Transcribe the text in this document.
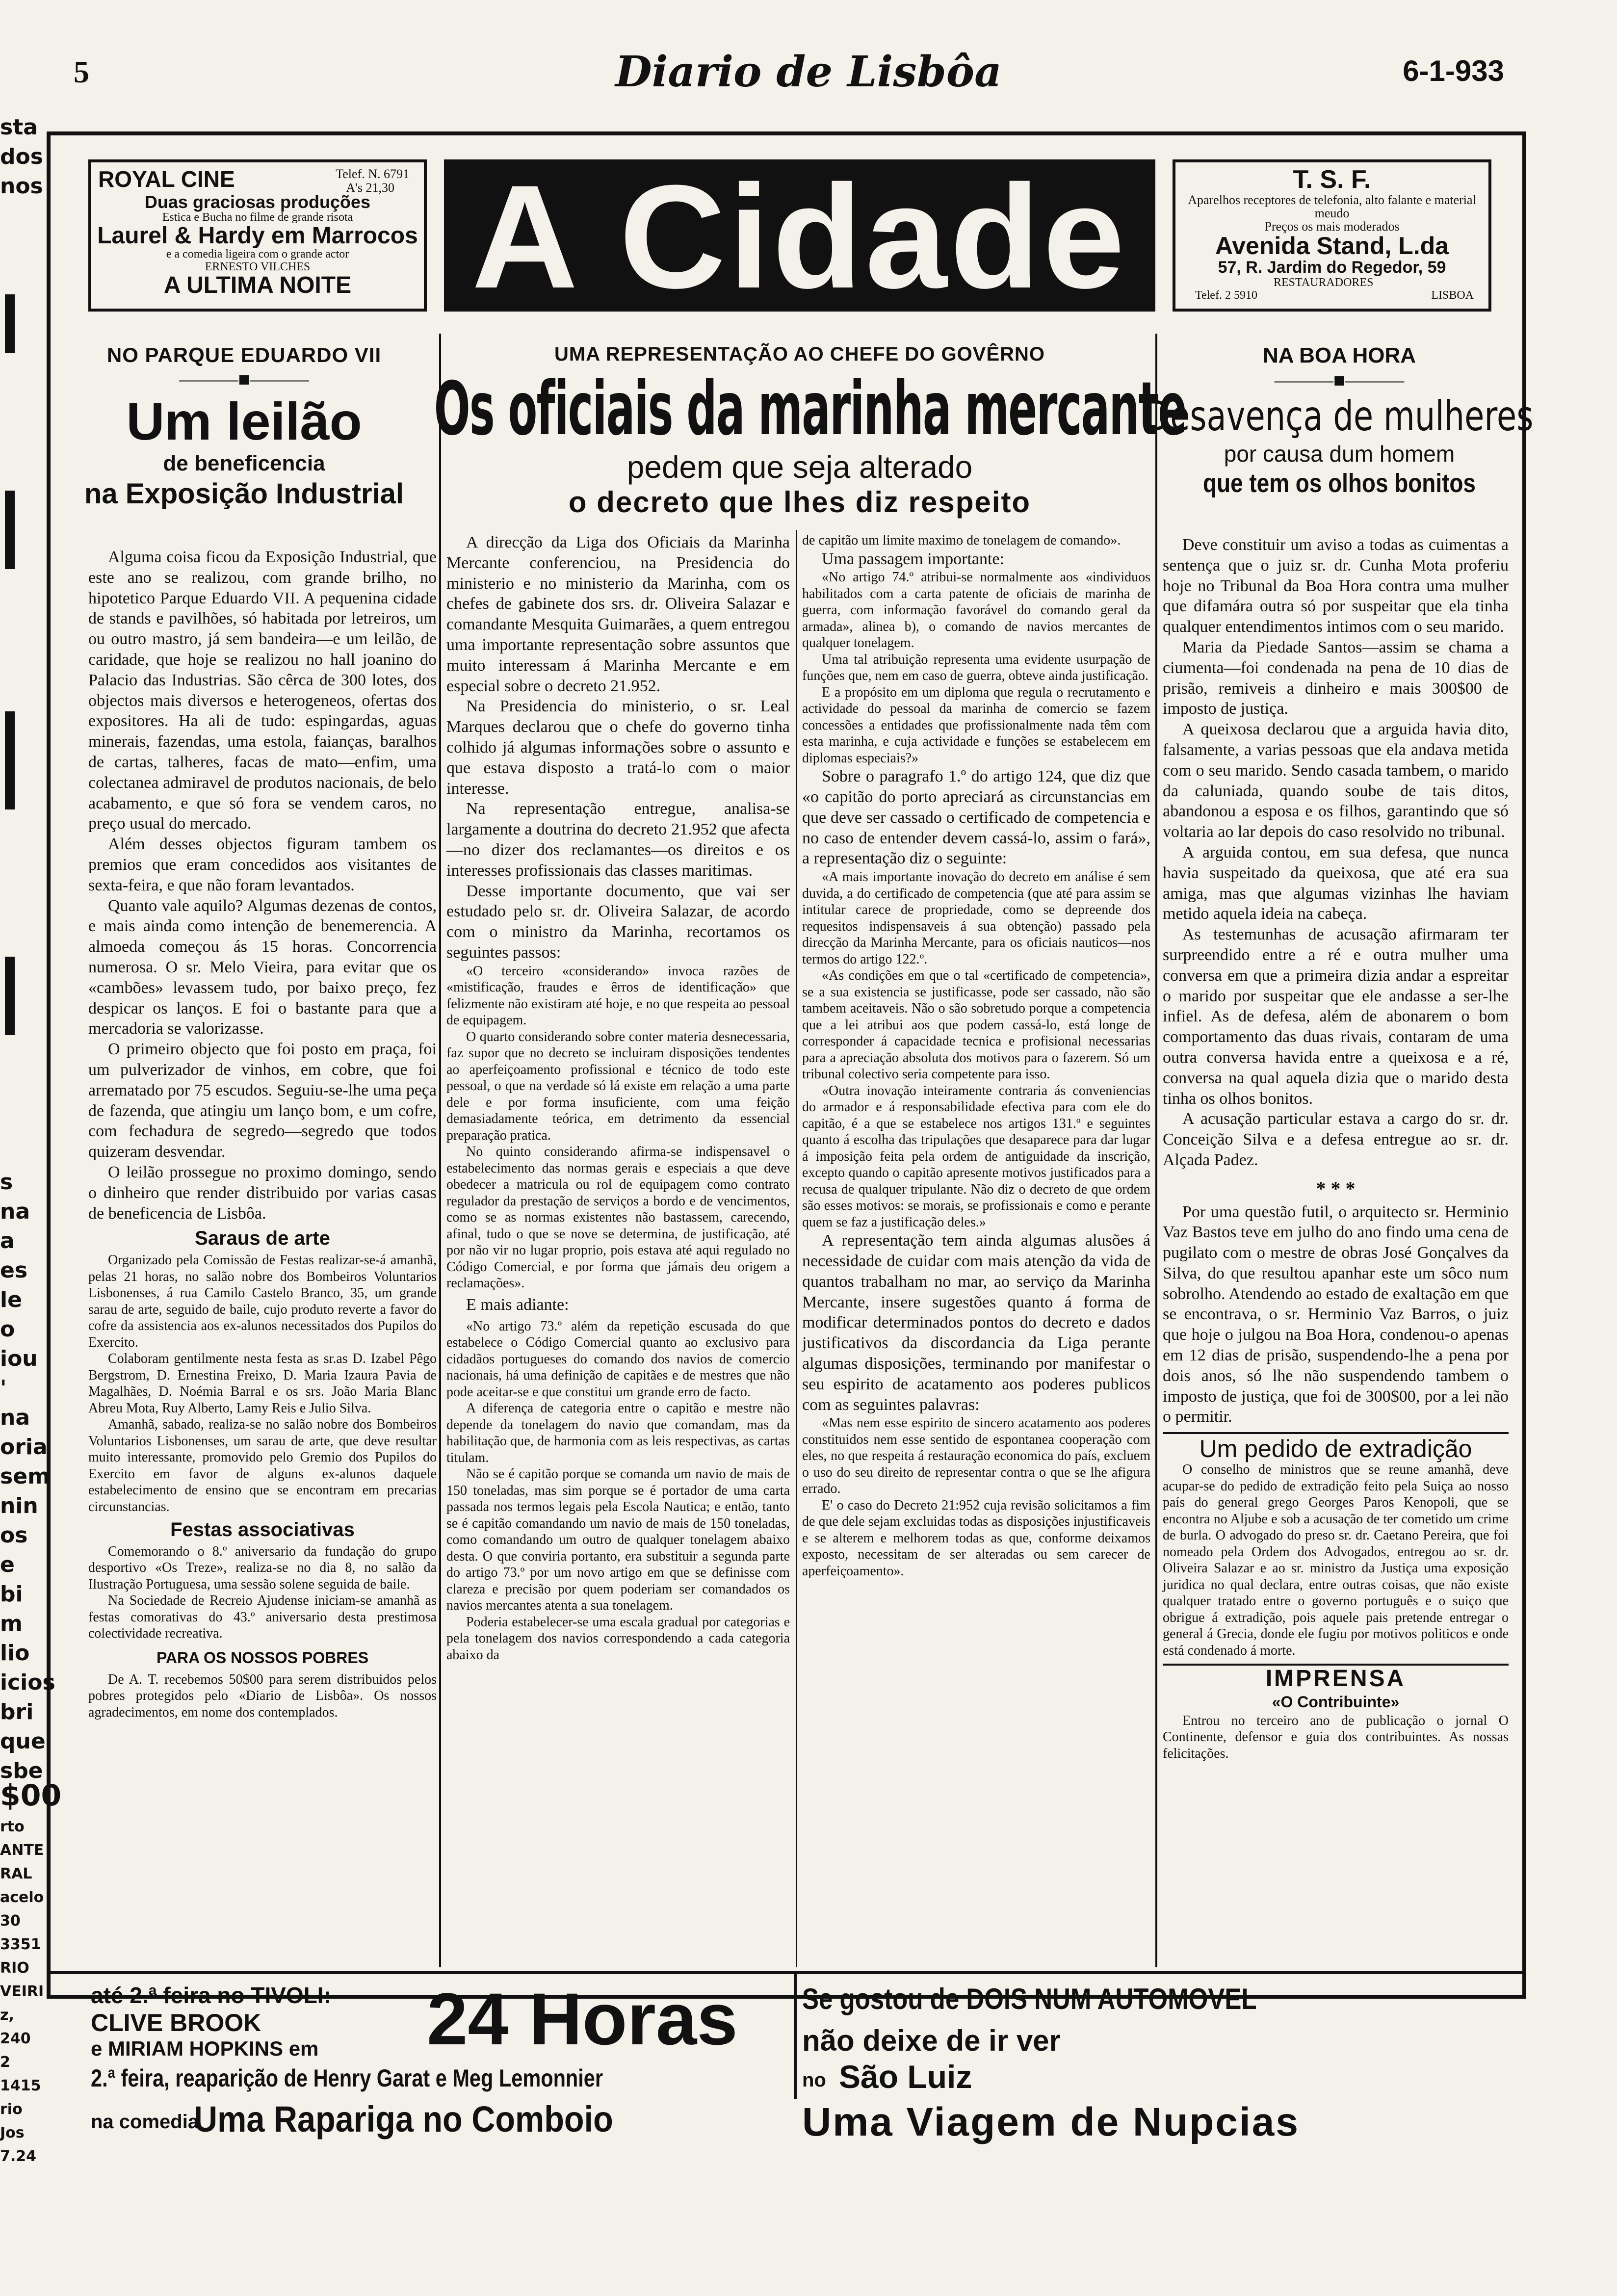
5	Diario de Lisbôa	6-1-933
sta
dos
nos
s na
a es
le o
iou
' na
oria
sem
nin
os
e bi
m
lio
icios
bri
que
sbe
$00
rto
ANTE
RAL
acelo
30
3351
RIO
VEIRI
z, 240
2 1415
rio
Jos
7.24
ROYAL CINE	Telef. N. 6791
A's 21,30
Duas graciosas produções
Estica e Bucha no filme de grande risota
Laurel & Hardy em Marrocos
e a comedia ligeira com o grande actor
ERNESTO VILCHES
A ULTIMA NOITE A Cidade	T. S. F.
Aparelhos receptores de telefonia, alto falante e material meudo
Preços os mais moderados
Avenida Stand, L.da
57, R. Jardim do Regedor, 59
RESTAURADORES
Telef. 2 5910	LISBOA
NO PARQUE EDUARDO VII
———■———
Um leilão
de beneficencia
na Exposição Industrial

Alguma coisa ficou da Exposição Industrial, que este ano se realizou, com grande brilho, no hipotetico Parque Eduardo VII. A pequenina cidade de stands e pavilhões, só habitada por letreiros, um ou outro mastro, já sem bandeira—e um leilão, de caridade, que hoje se realizou no hall joanino do Palacio das Industrias. São cêrca de 300 lotes, dos objectos mais diversos e heterogeneos, ofertas dos expositores. Ha ali de tudo: espingardas, aguas minerais, fazendas, uma estola, faianças, baralhos de cartas, talheres, facas de mato—enfim, uma colectanea admiravel de produtos nacionais, de belo acabamento, e que só fora se vendem caros, no preço usual do mercado.

Além desses objectos figuram tambem os premios que eram concedidos aos visitantes de sexta-feira, e que não foram levantados.

Quanto vale aquilo? Algumas dezenas de contos, e mais ainda como intenção de benemerencia. A almoeda começou ás 15 horas. Concorrencia numerosa. O sr. Melo Vieira, para evitar que os «cambões» levassem tudo, por baixo preço, fez despicar os lanços. E foi o bastante para que a mercadoria se valorizasse.

O primeiro objecto que foi posto em praça, foi um pulverizador de vinhos, em cobre, que foi arrematado por 75 escudos. Seguiu-se-lhe uma peça de fazenda, que atingiu um lanço bom, e um cofre, com fechadura de segredo—segredo que todos quizeram desvendar.

O leilão prossegue no proximo domingo, sendo o dinheiro que render distribuido por varias casas de beneficencia de Lisbôa.

Saraus de arte

Organizado pela Comissão de Festas realizar-se-á amanhã, pelas 21 horas, no salão nobre dos Bombeiros Voluntarios Lisbonenses, á rua Camilo Castelo Branco, 35, um grande sarau de arte, seguido de baile, cujo produto reverte a favor do cofre da assistencia aos ex-alunos necessitados dos Pupilos do Exercito.

Colaboram gentilmente nesta festa as sr.as D. Izabel Pêgo Bergstrom, D. Ernestina Freixo, D. Maria Izaura Pavia de Magalhães, D. Noémia Barral e os srs. João Maria Blanc Abreu Mota, Ruy Alberto, Lamy Reis e Julio Silva.

Amanhã, sabado, realiza-se no salão nobre dos Bombeiros Voluntarios Lisbonenses, um sarau de arte, que deve resultar muito interessante, promovido pelo Gremio dos Pupilos do Exercito em favor de alguns ex-alunos daquele estabelecimento de ensino que se encontram em precarias circunstancias.

Festas associativas

Comemorando o 8.º aniversario da fundação do grupo desportivo «Os Treze», realiza-se no dia 8, no salão da Ilustração Portuguesa, uma sessão solene seguida de baile.

Na Sociedade de Recreio Ajudense iniciam-se amanhã as festas comorativas do 43.º aniversario desta prestimosa colectividade recreativa.

PARA OS NOSSOS POBRES

De A. T. recebemos 50$00 para serem distribuidos pelos pobres protegidos pelo «Diario de Lisbôa». Os nossos agradecimentos, em nome dos contemplados.

UMA REPRESENTAÇÃO AO CHEFE DO GOVÊRNO
Os oficiais da marinha mercante
pedem que seja alterado
o decreto que lhes diz respeito

A direcção da Liga dos Oficiais da Marinha Mercante conferenciou, na Presidencia do ministerio e no ministerio da Marinha, com os chefes de gabinete dos srs. dr. Oliveira Salazar e comandante Mesquita Guimarães, a quem entregou uma importante representação sobre assuntos que muito interessam á Marinha Mercante e em especial sobre o decreto 21.952.

Na Presidencia do ministerio, o sr. Leal Marques declarou que o chefe do governo tinha colhido já algumas informações sobre o assunto e que estava disposto a tratá-lo com o maior interesse.

Na representação entregue, analisa-se largamente a doutrina do decreto 21.952 que afecta—no dizer dos reclamantes—os direitos e os interesses profissionais das classes maritimas.

Desse importante documento, que vai ser estudado pelo sr. dr. Oliveira Salazar, de acordo com o ministro da Marinha, recortamos os seguintes passos:

«O terceiro «considerando» invoca razões de «mistificação, fraudes e êrros de identificação» que felizmente não existiram até hoje, e no que respeita ao pessoal de equipagem.

O quarto considerando sobre conter materia desnecessaria, faz supor que no decreto se incluiram disposições tendentes ao aperfeiçoamento profissional e técnico de todo este pessoal, o que na verdade só lá existe em relação a uma parte dele e por forma insuficiente, com uma feição demasiadamente teórica, em detrimento da essencial preparação pratica.

No quinto considerando afirma-se indispensavel o estabelecimento das normas gerais e especiais a que deve obedecer a matricula ou rol de equipagem como contrato regulador da prestação de serviços a bordo e de vencimentos, como se as normas existentes não bastassem, carecendo, afinal, tudo o que se nove se determina, de justificação, até por não vir no lugar proprio, pois estava até aqui regulado no Código Comercial, e por forma que jámais deu origem a reclamações».

E mais adiante:

«No artigo 73.º além da repetição escusada do que estabelece o Código Comercial quanto ao exclusivo para cidadãos portugueses do comando dos navios de comercio nacionais, há uma definição de capitães e de mestres que não pode aceitar-se e que constitui um grande erro de facto.

A diferença de categoria entre o capitão e mestre não depende da tonelagem do navio que comandam, mas da habilitação que, de harmonia com as leis respectivas, as cartas titulam.

Não se é capitão porque se comanda um navio de mais de 150 toneladas, mas sim porque se é portador de uma carta passada nos termos legais pela Escola Nautica; e então, tanto se é capitão comandando um navio de mais de 150 toneladas, como comandando um outro de qualquer tonelagem abaixo desta. O que conviria portanto, era substituir a segunda parte do artigo 73.º por um novo artigo em que se definisse com clareza e precisão por quem poderiam ser comandados os navios mercantes atenta a sua tonelagem.

Poderia estabelecer-se uma escala gradual por categorias e pela tonelagem dos navios correspondendo a cada categoria abaixo da

de capitão um limite maximo de tonelagem de comando».

Uma passagem importante:

«No artigo 74.º atribui-se normalmente aos «individuos habilitados com a carta patente de oficiais de marinha de guerra, com informação favorável do comando geral da armada», alinea b), o comando de navios mercantes de qualquer tonelagem.

Uma tal atribuição representa uma evidente usurpação de funções que, nem em caso de guerra, obteve ainda justificação.

E a propósito em um diploma que regula o recrutamento e actividade do pessoal da marinha de comercio se fazem concessões a entidades que profissionalmente nada têm com esta marinha, e cuja actividade e funções se estabelecem em diplomas especiais?»

Sobre o paragrafo 1.º do artigo 124, que diz que «o capitão do porto apreciará as circunstancias em que deve ser cassado o certificado de competencia e no caso de entender devem cassá-lo, assim o fará», a representação diz o seguinte:

«A mais importante inovação do decreto em análise é sem duvida, a do certificado de competencia (que até para assim se intitular carece de propriedade, como se depreende dos requesitos indispensaveis á sua obtenção) passado pela direcção da Marinha Mercante, para os oficiais nauticos—nos termos do artigo 122.º.

«As condições em que o tal «certificado de competencia», se a sua existencia se justificasse, pode ser cassado, não são tambem aceitaveis. Não o são sobretudo porque a competencia que a lei atribui aos que podem cassá-lo, está longe de corresponder á capacidade tecnica e profisional necessarias para a apreciação absoluta dos motivos para o fazerem. Só um tribunal colectivo seria competente para isso.

«Outra inovação inteiramente contraria ás conveniencias do armador e á responsabilidade efectiva para com ele do capitão, é a que se estabelece nos artigos 131.º e seguintes quanto á escolha das tripulações que desaparece para dar lugar á imposição feita pela ordem de antiguidade da inscrição, excepto quando o capitão apresente motivos justificados para a recusa de qualquer tripulante. Não diz o decreto de que ordem são esses motivos: se morais, se profissionais e como e perante quem se faz a justificação deles.»

A representação tem ainda algumas alusões á necessidade de cuidar com mais atenção da vida de quantos trabalham no mar, ao serviço da Marinha Mercante, insere sugestões quanto á forma de modificar determinados pontos do decreto e dados justificativos da discordancia da Liga perante algumas disposições, terminando por manifestar o seu espirito de acatamento aos poderes publicos com as seguintes palavras:

«Mas nem esse espirito de sincero acatamento aos poderes constituidos nem esse sentido de espontanea cooperação com eles, no que respeita á restauração economica do país, excluem o uso do seu direito de representar contra o que se lhe afigura errado.

E' o caso do Decreto 21:952 cuja revisão solicitamos a fim de que dele sejam excluidas todas as disposições injustificaveis e se alterem e melhorem todas as que, conforme deixamos exposto, necessitam de ser alteradas ou sem carecer de aperfeiçoamento».

NA BOA HORA
———■———
Desavença de mulheres
por causa dum homem
que tem os olhos bonitos

Deve constituir um aviso a todas as cuimentas a sentença que o juiz sr. dr. Cunha Mota proferiu hoje no Tribunal da Boa Hora contra uma mulher que difamára outra só por suspeitar que ela tinha qualquer entendimentos intimos com o seu marido.

Maria da Piedade Santos—assim se chama a ciumenta—foi condenada na pena de 10 dias de prisão, remiveis a dinheiro e mais 300$00 de imposto de justiça.

A queixosa declarou que a arguida havia dito, falsamente, a varias pessoas que ela andava metida com o seu marido. Sendo casada tambem, o marido da caluniada, quando soube de tais ditos, abandonou a esposa e os filhos, garantindo que só voltaria ao lar depois do caso resolvido no tribunal.

A arguida contou, em sua defesa, que nunca havia suspeitado da queixosa, que até era sua amiga, mas que algumas vizinhas lhe haviam metido aquela ideia na cabeça.

As testemunhas de acusação afirmaram ter surpreendido entre a ré e outra mulher uma conversa em que a primeira dizia andar a espreitar o marido por suspeitar que ele andasse a ser-lhe infiel. As de defesa, além de abonarem o bom comportamento das duas rivais, contaram de uma outra conversa havida entre a queixosa e a ré, conversa na qual aquela dizia que o marido desta tinha os olhos bonitos.

A acusação particular estava a cargo do sr. dr. Conceição Silva e a defesa entregue ao sr. dr. Alçada Padez.

* * *

Por uma questão futil, o arquitecto sr. Herminio Vaz Bastos teve em julho do ano findo uma cena de pugilato com o mestre de obras José Gonçalves da Silva, do que resultou apanhar este um sôco num sobrolho. Atendendo ao estado de exaltação em que se encontrava, o sr. Herminio Vaz Barros, o juiz que hoje o julgou na Boa Hora, condenou-o apenas em 12 dias de prisão, suspendendo-lhe a pena por dois anos, só lhe não suspendendo tambem o imposto de justiça, que foi de 300$00, por a lei não o permitir.

Um pedido de extradição

O conselho de ministros que se reune amanhã, deve acupar-se do pedido de extradição feito pela Suiça ao nosso país do general grego Georges Paros Kenopoli, que se encontra no Aljube e sob a acusação de ter cometido um crime de burla. O advogado do preso sr. dr. Caetano Pereira, que foi nomeado pela Ordem dos Advogados, entregou ao sr. dr. Oliveira Salazar e ao sr. ministro da Justiça uma exposição juridica no qual declara, entre outras coisas, que não existe qualquer tratado entre o governo português e o suiço que obrigue á extradição, pois aquele pais pretende entregar o general á Grecia, donde ele fugiu por motivos politicos e onde está condenado á morte.

IMPRENSA
«O Contribuinte»

Entrou no terceiro ano de publicação o jornal O Continente, defensor e guia dos contribuintes. As nossas felicitações.

até 2.ª feira no TIVOLI:
CLIVE BROOK
e MIRIAM HOPKINS em 24 Horas
2.ª feira, reaparição de Henry Garat e Meg Lemonnier
na comedia
Uma Rapariga no Comboio
Se gostou de DOIS NUM AUTOMOVEL
não deixe de ir ver
no São Luiz
Uma Viagem de Nupcias
